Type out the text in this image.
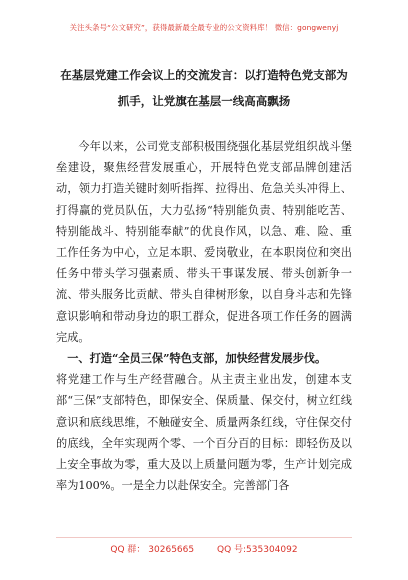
关注头条号“公文研究”，获得最新最全最专业的公文资料库！ 微信：gongwenyj
在基层党建工作会议上的交流发言：以打造特色党支部为
抓手，让党旗在基层一线高高飘扬

今年以来，公司党支部积极围绕强化基层党组织战斗堡垒建设，聚焦经营发展重心，开展特色党支部品牌创建活动，领力打造关键时刻听指挥、拉得出、危急关头冲得上、打得赢的党员队伍，大力弘扬“特别能负责、特别能吃苦、特别能战斗、特别能奉献”的优良作风，以急、难、险、重工作任务为中心，立足本职、爱岗敬业，在本职岗位和突出任务中带头学习强素质、带头干事谋发展、带头创新争一流、带头服务比贡献、带头自律树形象，以自身斗志和先锋意识影响和带动身边的职工群众，促进各项工作任务的圆满完成。

一、打造“全员三保”特色支部，加快经营发展步伐。

将党建工作与生产经营融合。从主责主业出发，创建本支部“三保”支部特色，即保安全、保质量、保交付，树立红线意识和底线思维，不触碰安全、质量两条红线，守住保交付的底线，全年实现两个零、一个百分百的目标：即轻伤及以上安全事故为零，重大及以上质量问题为零，生产计划完成率为100%。一是全力以赴保安全。完善部门各

QQ 群： 30265665	QQ 号:535304092
